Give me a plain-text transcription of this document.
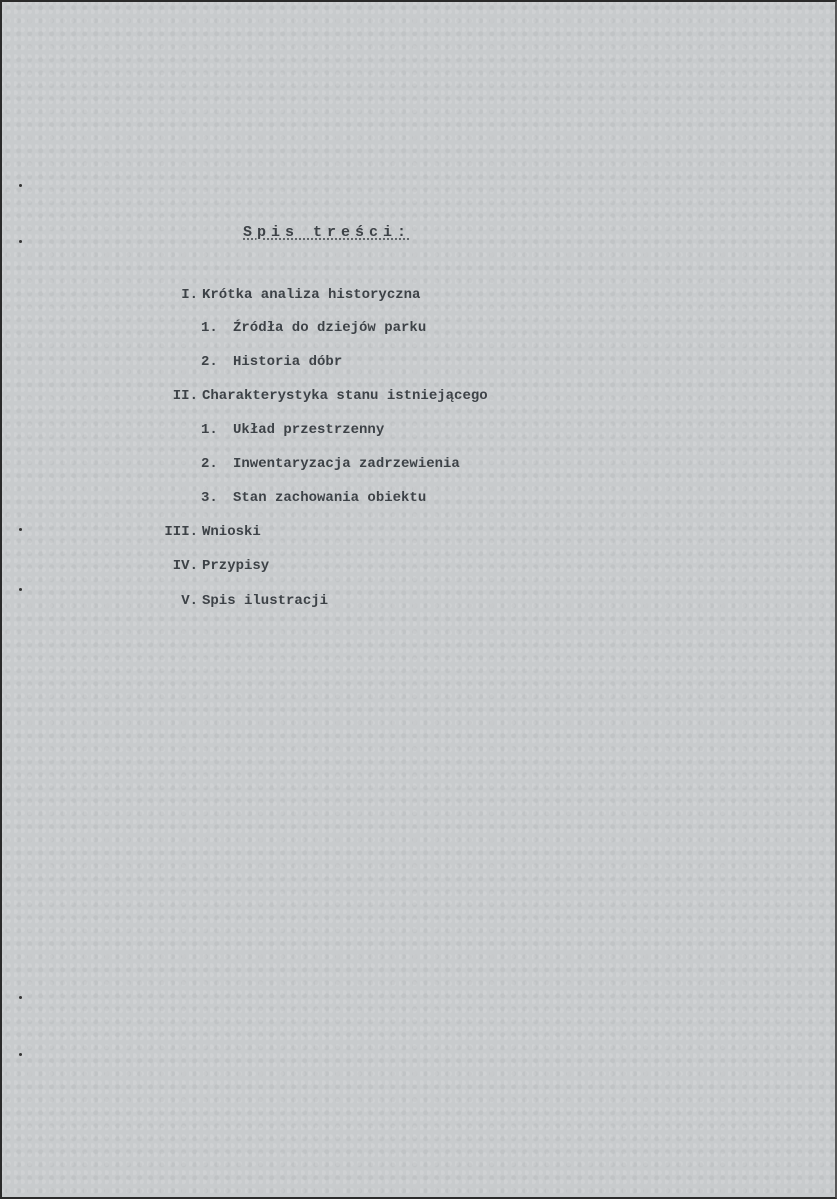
Spis treści:
I. Krótka analiza historyczna
1.	Źródła do dziejów parku
2.	Historia dóbr
II. Charakterystyka stanu istniejącego
1.	Układ przestrzenny
2.	Inwentaryzacja zadrzewienia
3.	Stan zachowania obiektu
III. Wnioski
IV. Przypisy
V. Spis ilustracji
